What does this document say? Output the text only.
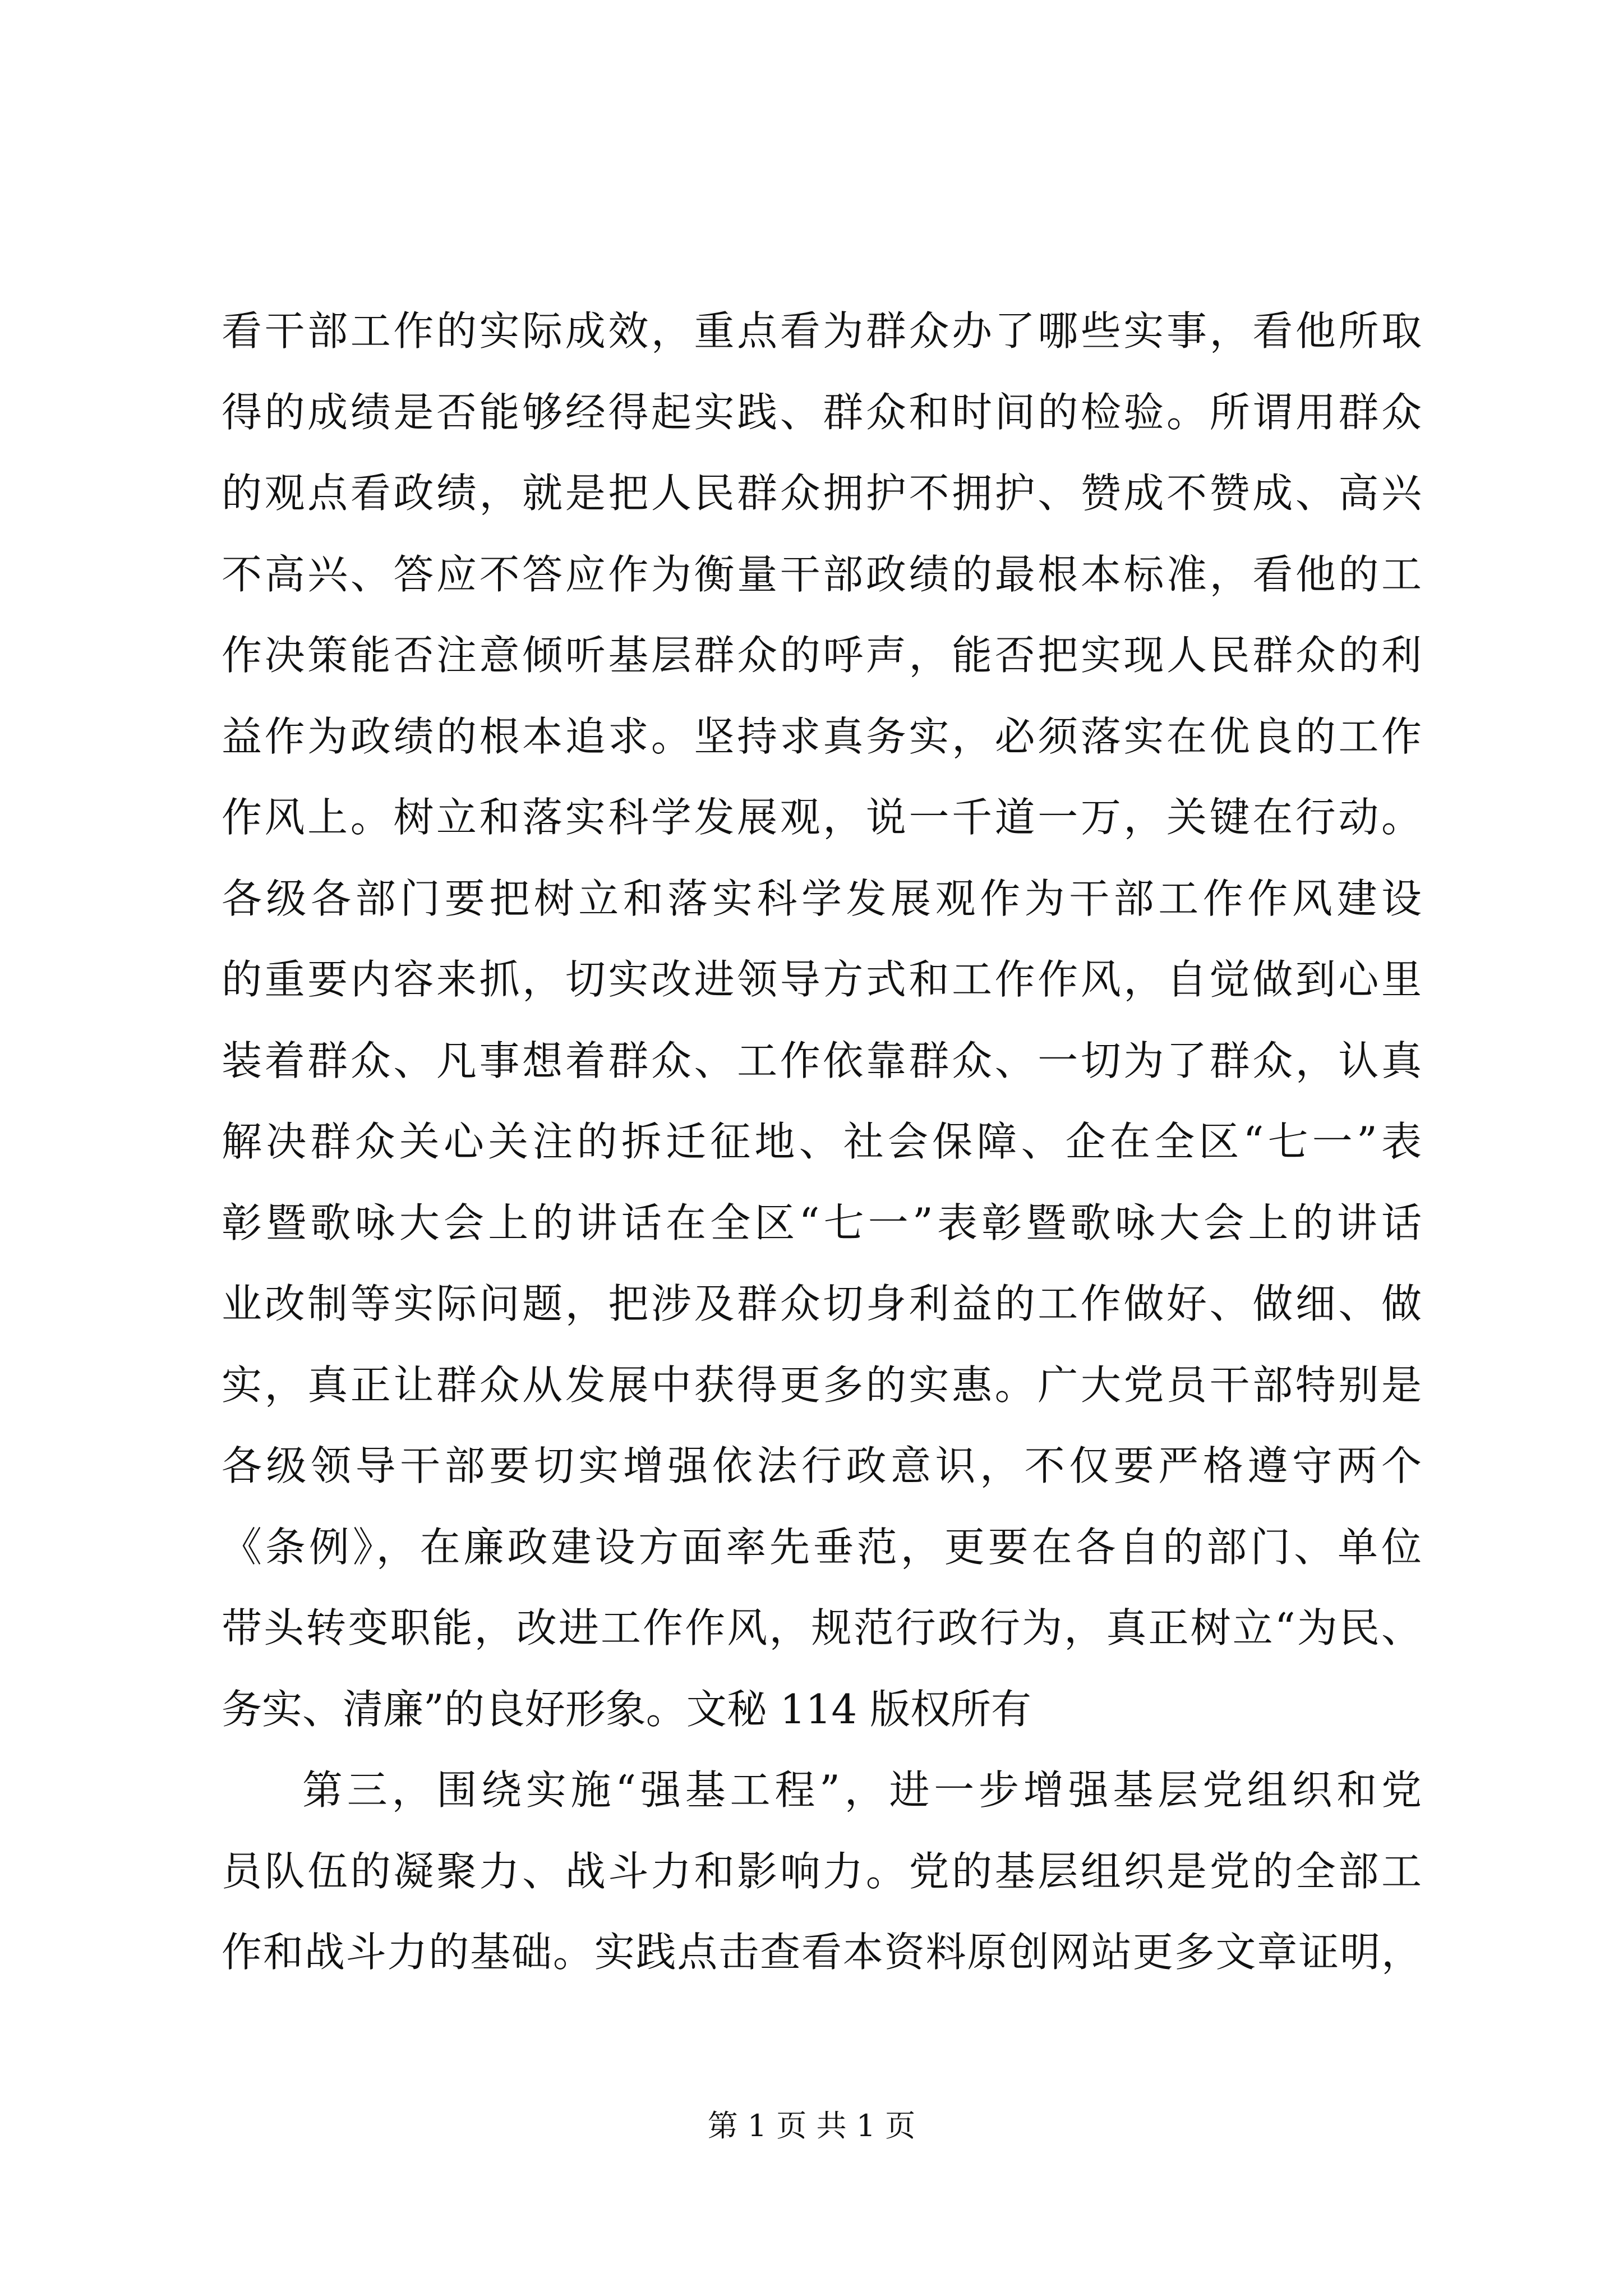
看干部工作的实际成效，重点看为群众办了哪些实事，看他所取
得的成绩是否能够经得起实践、群众和时间的检验。所谓用群众
的观点看政绩，就是把人民群众拥护不拥护、赞成不赞成、高兴
不高兴、答应不答应作为衡量干部政绩的最根本标准，看他的工
作决策能否注意倾听基层群众的呼声，能否把实现人民群众的利
益作为政绩的根本追求。坚持求真务实，必须落实在优良的工作
作风上。树立和落实科学发展观，说一千道一万，关键在行动。
各级各部门要把树立和落实科学发展观作为干部工作作风建设
的重要内容来抓，切实改进领导方式和工作作风，自觉做到心里
装着群众、凡事想着群众、工作依靠群众、一切为了群众，认真
解决群众关心关注的拆迁征地、社会保障、企在全区“七一”表
彰暨歌咏大会上的讲话在全区“七一”表彰暨歌咏大会上的讲话
业改制等实际问题，把涉及群众切身利益的工作做好、做细、做
实，真正让群众从发展中获得更多的实惠。广大党员干部特别是
各级领导干部要切实增强依法行政意识，不仅要严格遵守两个
《条例》，在廉政建设方面率先垂范，更要在各自的部门、单位
带头转变职能，改进工作作风，规范行政行为，真正树立“为民、
务实、清廉”的良好形象。文秘 114 版权所有
第三，围绕实施“强基工程”，进一步增强基层党组织和党
员队伍的凝聚力、战斗力和影响力。党的基层组织是党的全部工
作和战斗力的基础。实践点击查看本资料原创网站更多文章证明，
第 1 页 共 1 页
